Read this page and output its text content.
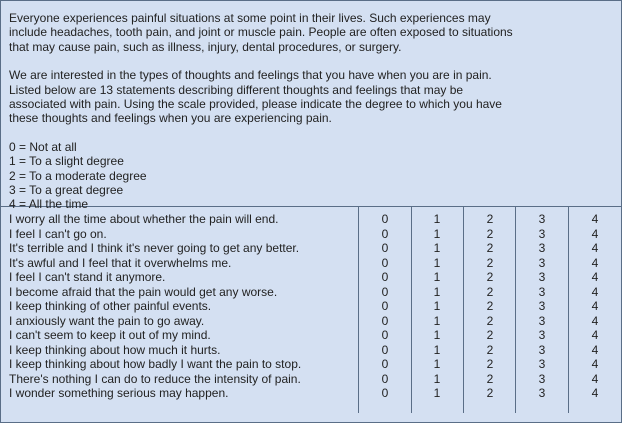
Everyone experiences painful situations at some point in their lives. Such experiences may
include headaches, tooth pain, and joint or muscle pain. People are often exposed to situations
that may cause pain, such as illness, injury, dental procedures, or surgery.

We are interested in the types of thoughts and feelings that you have when you are in pain.
Listed below are 13 statements describing different thoughts and feelings that may be
associated with pain. Using the scale provided, please indicate the degree to which you have
these thoughts and feelings when you are experiencing pain.

0 = Not at all
1 = To a slight degree
2 = To a moderate degree
3 = To a great degree
4 = All the time
I worry all the time about whether the pain will end.	0	1	2	3	4
I feel I can't go on.	0	1	2	3	4
It's terrible and I think it's never going to get any better.	0	1	2	3	4
It's awful and I feel that it overwhelms me.	0	1	2	3	4
I feel I can't stand it anymore.	0	1	2	3	4
I become afraid that the pain would get any worse.	0	1	2	3	4
I keep thinking of other painful events.	0	1	2	3	4
I anxiously want the pain to go away.	0	1	2	3	4
I can't seem to keep it out of my mind.	0	1	2	3	4
I keep thinking about how much it hurts.	0	1	2	3	4
I keep thinking about how badly I want the pain to stop.	0	1	2	3	4
There's nothing I can do to reduce the intensity of pain.	0	1	2	3	4
I wonder something serious may happen.	0	1	2	3	4
